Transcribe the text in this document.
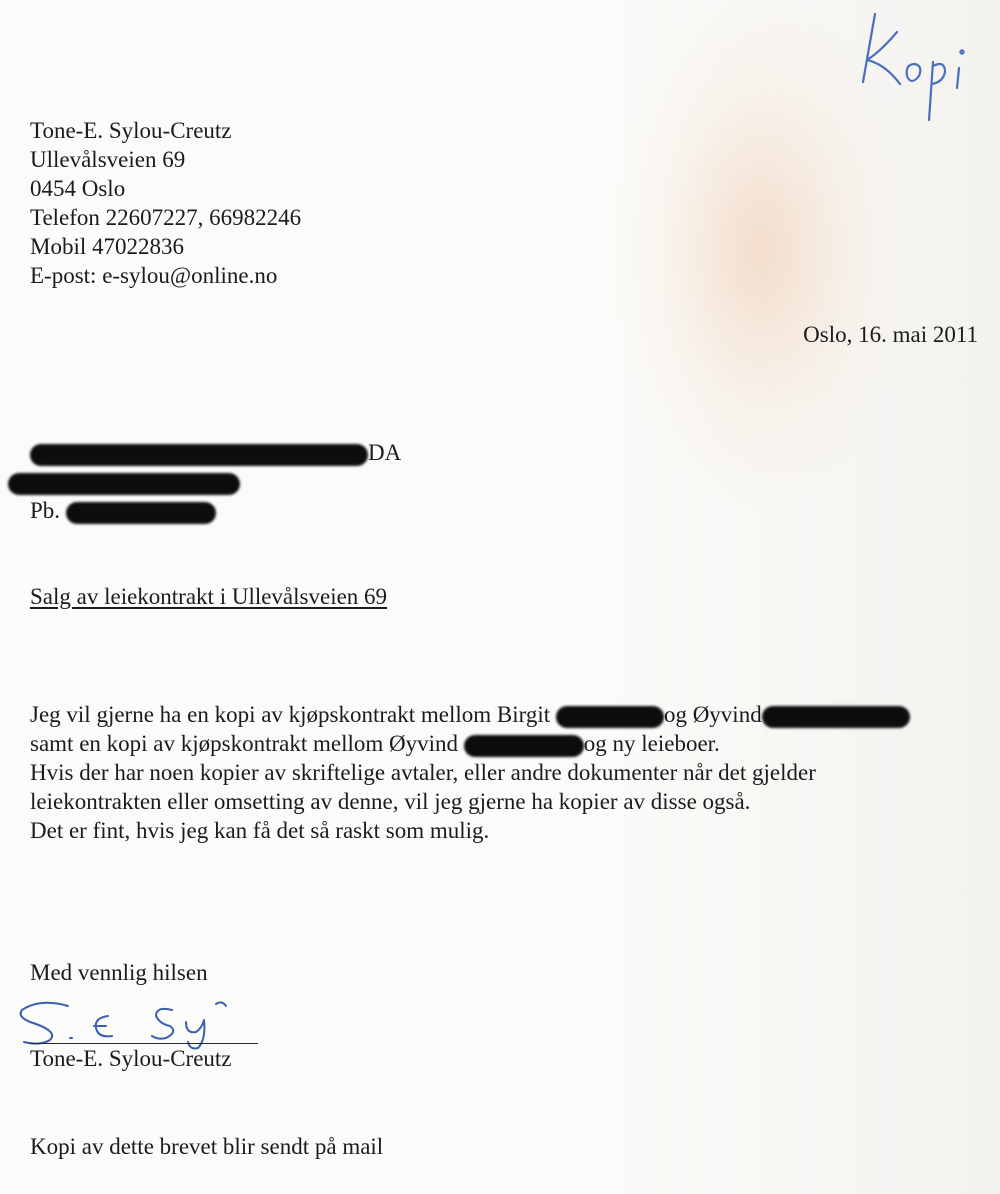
Tone-E. Sylou-Creutz
Ullevålsveien 69
0454 Oslo
Telefon 22607227, 66982246
Mobil 47022836
E-post: e-sylou@online.no
Oslo, 16. mai 2011
DA
Pb.
Salg av leiekontrakt i Ullevålsveien 69
Jeg vil gjerne ha en kopi av kjøpskontrakt mellom Birgit	og Øyvind
samt en kopi av kjøpskontrakt mellom Øyvind	og ny leieboer.
Hvis der har noen kopier av skriftelige avtaler, eller andre dokumenter når det gjelder
leiekontrakten eller omsetting av denne, vil jeg gjerne ha kopier av disse også.
Det er fint, hvis jeg kan få det så raskt som mulig.
Med vennlig hilsen
Tone-E. Sylou-Creutz
Kopi av dette brevet blir sendt på mail
